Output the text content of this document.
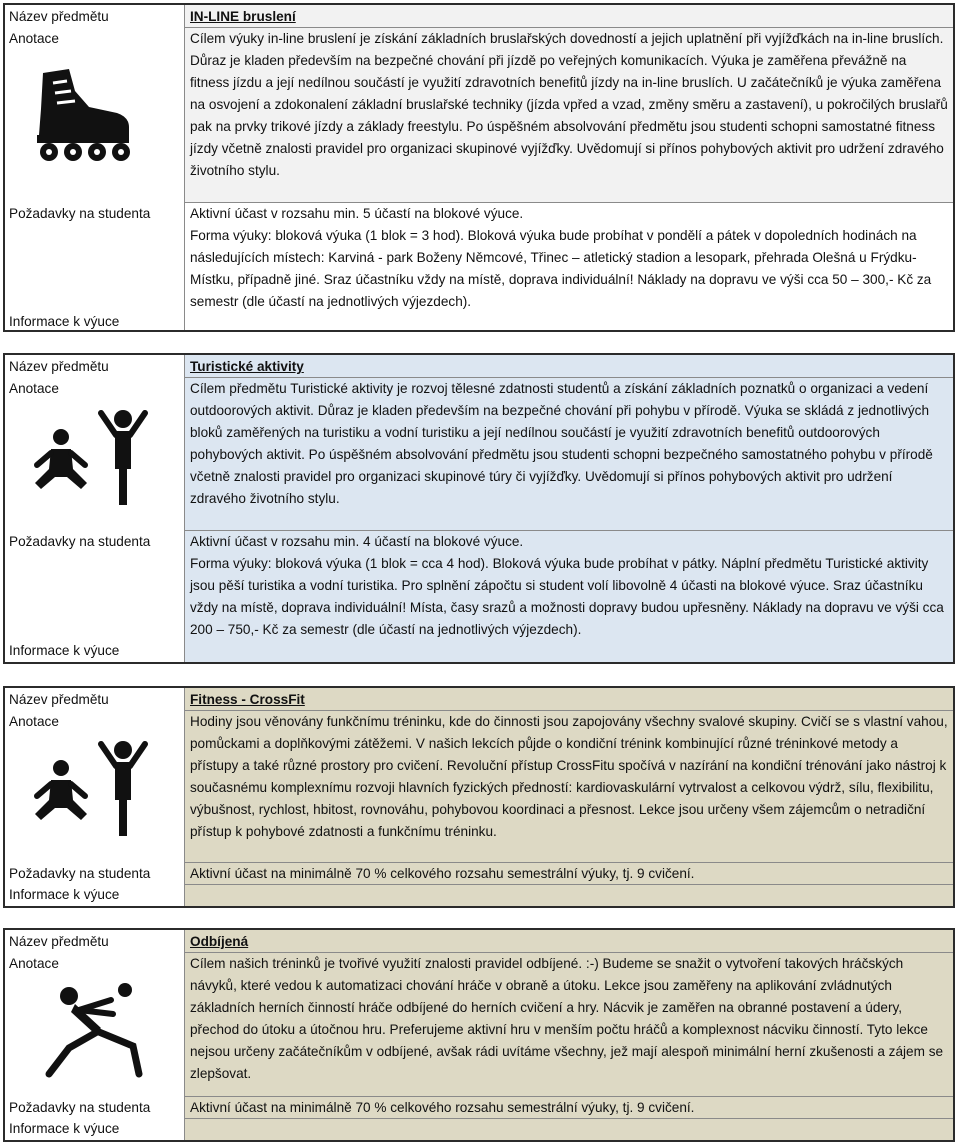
Název předmětu
Anotace
Požadavky na studenta
Informace k výuce
IN-LINE bruslení
Cílem výuky in-line bruslení je získání základních bruslařských dovedností a jejich uplatnění při vyjížďkách na in-line bruslích. Důraz je kladen především na bezpečné chování při jízdě po veřejných komunikacích. Výuka je zaměřena převážně na fitness jízdu a její nedílnou součástí je využití zdravotních benefitů jízdy na in-line bruslích. U začátečníků je výuka zaměřena na osvojení a zdokonalení základní bruslařské techniky (jízda vpřed a vzad, změny směru a zastavení), u pokročilých bruslařů pak na prvky trikové jízdy a základy freestylu. Po úspěšném absolvování předmětu jsou studenti schopni samostatné fitness jízdy včetně znalosti pravidel pro organizaci skupinové vyjížďky. Uvědomují si přínos pohybových aktivit pro udržení zdravého životního stylu.
Aktivní účast v rozsahu min. 5 účastí na blokové výuce.
Forma výuky: bloková výuka (1 blok = 3 hod). Bloková výuka bude probíhat v pondělí a pátek v dopoledních hodinách na následujících místech: Karviná - park Boženy Němcové, Třinec – atletický stadion a lesopark, přehrada Olešná u Frýdku-Místku, případně jiné. Sraz účastníku vždy na místě, doprava individuální! Náklady na dopravu ve výši cca 50 – 300,- Kč za semestr (dle účastí na jednotlivých výjezdech).
Název předmětu
Anotace
Požadavky na studenta
Informace k výuce
Turistické aktivity
Cílem předmětu Turistické aktivity je rozvoj tělesné zdatnosti studentů a získání základních poznatků o organizaci a vedení outdoorových aktivit. Důraz je kladen především na bezpečné chování při pohybu v přírodě. Výuka se skládá z jednotlivých bloků zaměřených na turistiku a vodní turistiku a její nedílnou součástí je využití zdravotních benefitů outdoorových pohybových aktivit. Po úspěšném absolvování předmětu jsou studenti schopni bezpečného samostatného pohybu v přírodě včetně znalosti pravidel pro organizaci skupinové túry či vyjížďky. Uvědomují si přínos pohybových aktivit pro udržení zdravého životního stylu.
Aktivní účast v rozsahu min. 4 účastí na blokové výuce.
Forma výuky: bloková výuka (1 blok = cca 4 hod). Bloková výuka bude probíhat v pátky. Náplní předmětu Turistické aktivity jsou pěší turistika a vodní turistika. Pro splnění zápočtu si student volí libovolně 4 účasti na blokové výuce. Sraz účastníku vždy na místě, doprava individuální! Místa, časy srazů a možnosti dopravy budou upřesněny. Náklady na dopravu ve výši cca 200 – 750,- Kč za semestr (dle účastí na jednotlivých výjezdech).
Název předmětu
Anotace
Požadavky na studenta
Informace k výuce
Fitness - CrossFit
Hodiny jsou věnovány funkčnímu tréninku, kde do činnosti jsou zapojovány všechny svalové skupiny. Cvičí se s vlastní vahou, pomůckami a doplňkovými zátěžemi. V našich lekcích půjde o kondiční trénink kombinující různé tréninkové metody a přístupy a také různé prostory pro cvičení. Revoluční přístup CrossFitu spočívá v nazírání na kondiční trénování jako nástroj k současnému komplexnímu rozvoji hlavních fyzických předností: kardiovaskulární vytrvalost a celkovou výdrž, sílu, flexibilitu, výbušnost, rychlost, hbitost, rovnováhu, pohybovou koordinaci a přesnost. Lekce jsou určeny všem zájemcům o netradiční přístup k pohybové zdatnosti a funkčnímu tréninku.
Aktivní účast na minimálně 70 % celkového rozsahu semestrální výuky, tj. 9 cvičení.
Název předmětu
Anotace
Požadavky na studenta
Informace k výuce
Odbíjená
Cílem našich tréninků je tvořivé využití znalosti pravidel odbíjené. :-) Budeme se snažit o vytvoření takových hráčských návyků, které vedou k automatizaci chování hráče v obraně a útoku. Lekce jsou zaměřeny na aplikování zvládnutých základních herních činností hráče odbíjené do herních cvičení a hry. Nácvik je zaměřen na obranné postavení a údery, přechod do útoku a útočnou hru. Preferujeme aktivní hru v menším počtu hráčů a komplexnost nácviku činností. Tyto lekce nejsou určeny začátečníkům v odbíjené, avšak rádi uvítáme všechny, jež mají alespoň minimální herní zkušenosti a zájem se zlepšovat.
Aktivní účast na minimálně 70 % celkového rozsahu semestrální výuky, tj. 9 cvičení.
